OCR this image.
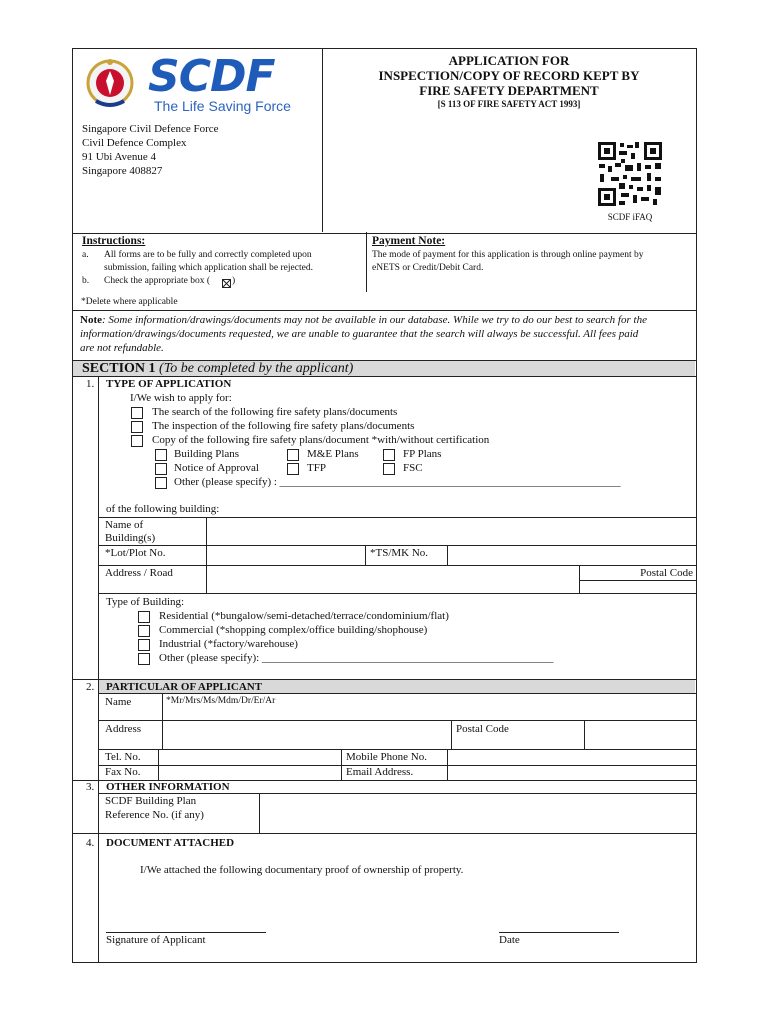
SCDF
The Life Saving Force
APPLICATION FOR
INSPECTION/COPY OF RECORD KEPT BY
FIRE SAFETY DEPARTMENT
[S 113 OF FIRE SAFETY ACT 1993]
Singapore Civil Defence Force
Civil Defence Complex
91 Ubi Avenue 4
Singapore 408827
SCDF iFAQ
Instructions:
a. All forms are to be fully and correctly completed upon
submission, failing which application shall be rejected.
b. Check the appropriate box ( )
*Delete where applicable
Payment Note:
The mode of payment for this application is through online payment by
eNETS or Credit/Debit Card.
Note: Some information/drawings/documents may not be available in our database. While we try to do our best to search for the
information/drawings/documents requested, we are unable to guarantee that the search will always be successful. All fees paid
are not refundable.
SECTION 1 (To be completed by the applicant)
1. TYPE OF APPLICATION
I/We wish to apply for:
The search of the following fire safety plans/documents
The inspection of the following fire safety plans/documents
Copy of the following fire safety plans/document *with/without certification
Building Plans	M&E Plans	FP Plans
Notice of Approval	TFP	FSC
Other (please specify) : ______________________________________________________________
of the following building:
Name of
Building(s)
*Lot/Plot No.	*TS/MK No.
Address / Road	Postal Code
Type of Building:
Residential (*bungalow/semi-detached/terrace/condominium/flat)
Commercial (*shopping complex/office building/shophouse)
Industrial (*factory/warehouse)
Other (please specify): _____________________________________________________
2. PARTICULAR OF APPLICANT
Name	*Mr/Mrs/Ms/Mdm/Dr/Er/Ar
Address	Postal Code
Tel. No.	Mobile Phone No.
Fax No.	Email Address.
3. OTHER INFORMATION
SCDF Building Plan
Reference No. (if any)
4. DOCUMENT ATTACHED
I/We attached the following documentary proof of ownership of property.
Signature of Applicant	Date
